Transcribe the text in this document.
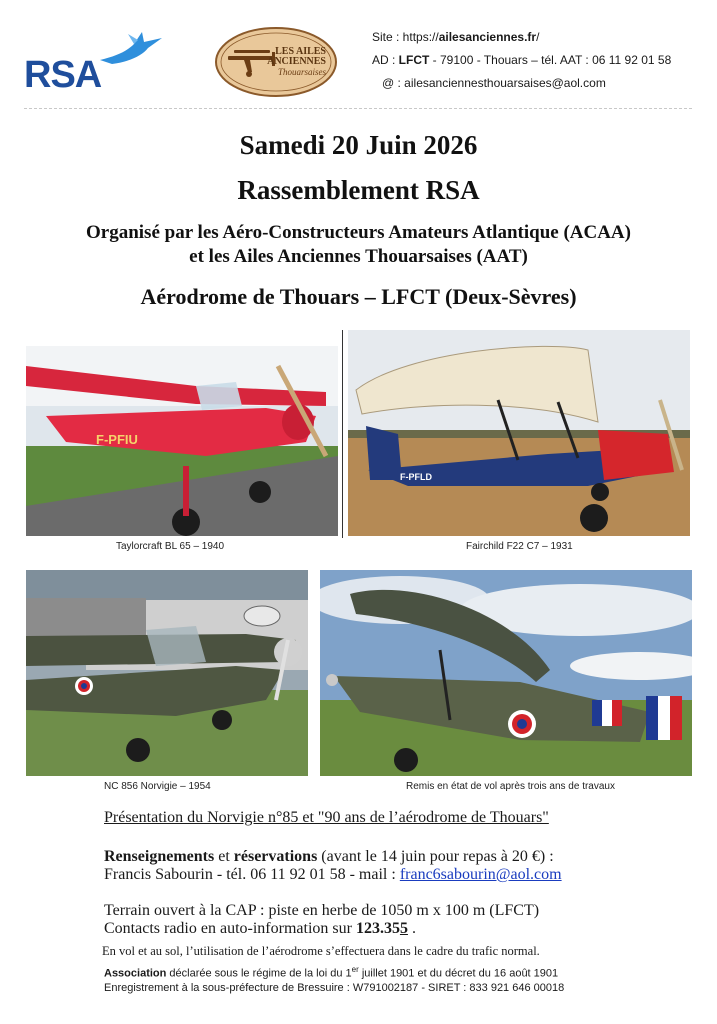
RSA
LES AILES
ANCIENNES
Thouarsaises
Site : https://ailesanciennes.fr/
AD : LFCT - 79100 - Thouars – tél. AAT : 06 11 92 01 58
@ : ailesanciennesthouarsaises@aol.com
Samedi 20 Juin 2026
Rassemblement RSA
Organisé par les Aéro-Constructeurs Amateurs Atlantique (ACAA)
et les Ailes Anciennes Thouarsaises (AAT)
Aérodrome de Thouars – LFCT (Deux-Sèvres)
F-PFIU
Taylorcraft BL 65 – 1940
F-PFLD
Fairchild F22 C7 – 1931
NC 856 Norvigie – 1954	Remis en état de vol après trois ans de travaux
Présentation du Norvigie n°85 et "90 ans de l’aérodrome de Thouars"
Renseignements et réservations (avant le 14 juin pour repas à 20 €) :
Francis Sabourin - tél. 06 11 92 01 58 - mail : franc6sabourin@aol.com
Terrain ouvert à la CAP : piste en herbe de 1050 m x 100 m (LFCT)
Contacts radio en auto-information sur 123.355 .
En vol et au sol, l’utilisation de l’aérodrome s’effectuera dans le cadre du trafic normal.
Association déclarée sous le régime de la loi du 1er juillet 1901 et du décret du 16 août 1901
Enregistrement à la sous-préfecture de Bressuire : W791002187 - SIRET : 833 921 646 00018
